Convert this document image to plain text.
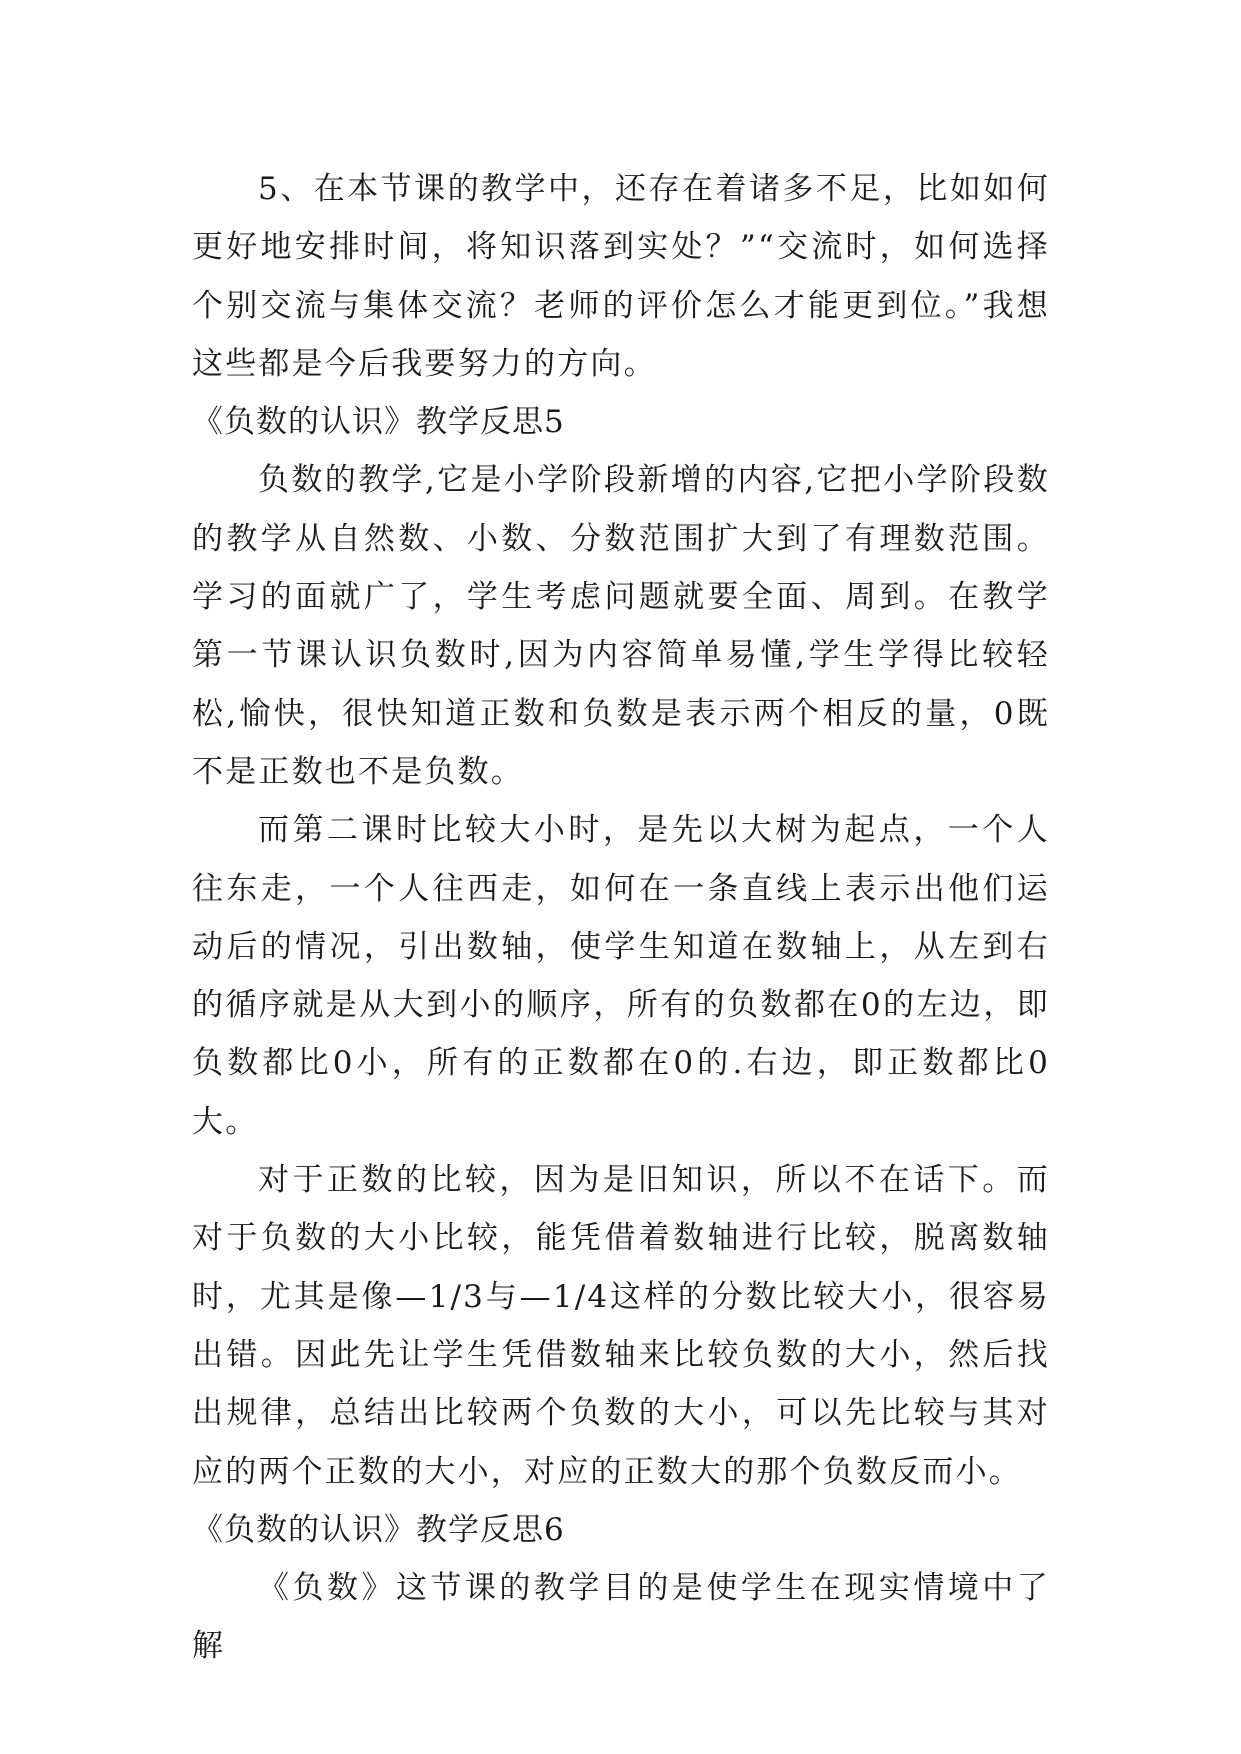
5、在本节课的教学中，还存在着诸多不足，比如如何更好地安排时间，将知识落到实处？”“交流时，如何选择个别交流与集体交流？老师的评价怎么才能更到位。”我想这些都是今后我要努力的方向。

《负数的认识》教学反思5

负数的教学,它是小学阶段新增的内容,它把小学阶段数的教学从自然数、小数、分数范围扩大到了有理数范围。学习的面就广了，学生考虑问题就要全面、周到。在教学第一节课认识负数时,因为内容简单易懂,学生学得比较轻松,愉快，很快知道正数和负数是表示两个相反的量，0既不是正数也不是负数。

而第二课时比较大小时，是先以大树为起点，一个人往东走，一个人往西走，如何在一条直线上表示出他们运动后的情况，引出数轴，使学生知道在数轴上，从左到右的循序就是从大到小的顺序，所有的负数都在0的左边，即负数都比0小，所有的正数都在0的.右边，即正数都比0大。

对于正数的比较，因为是旧知识，所以不在话下。而对于负数的大小比较，能凭借着数轴进行比较，脱离数轴时，尤其是像—1/3与—1/4这样的分数比较大小，很容易出错。因此先让学生凭借数轴来比较负数的大小，然后找出规律，总结出比较两个负数的大小，可以先比较与其对应的两个正数的大小，对应的正数大的那个负数反而小。

《负数的认识》教学反思6

《负数》这节课的教学目的是使学生在现实情境中了解
